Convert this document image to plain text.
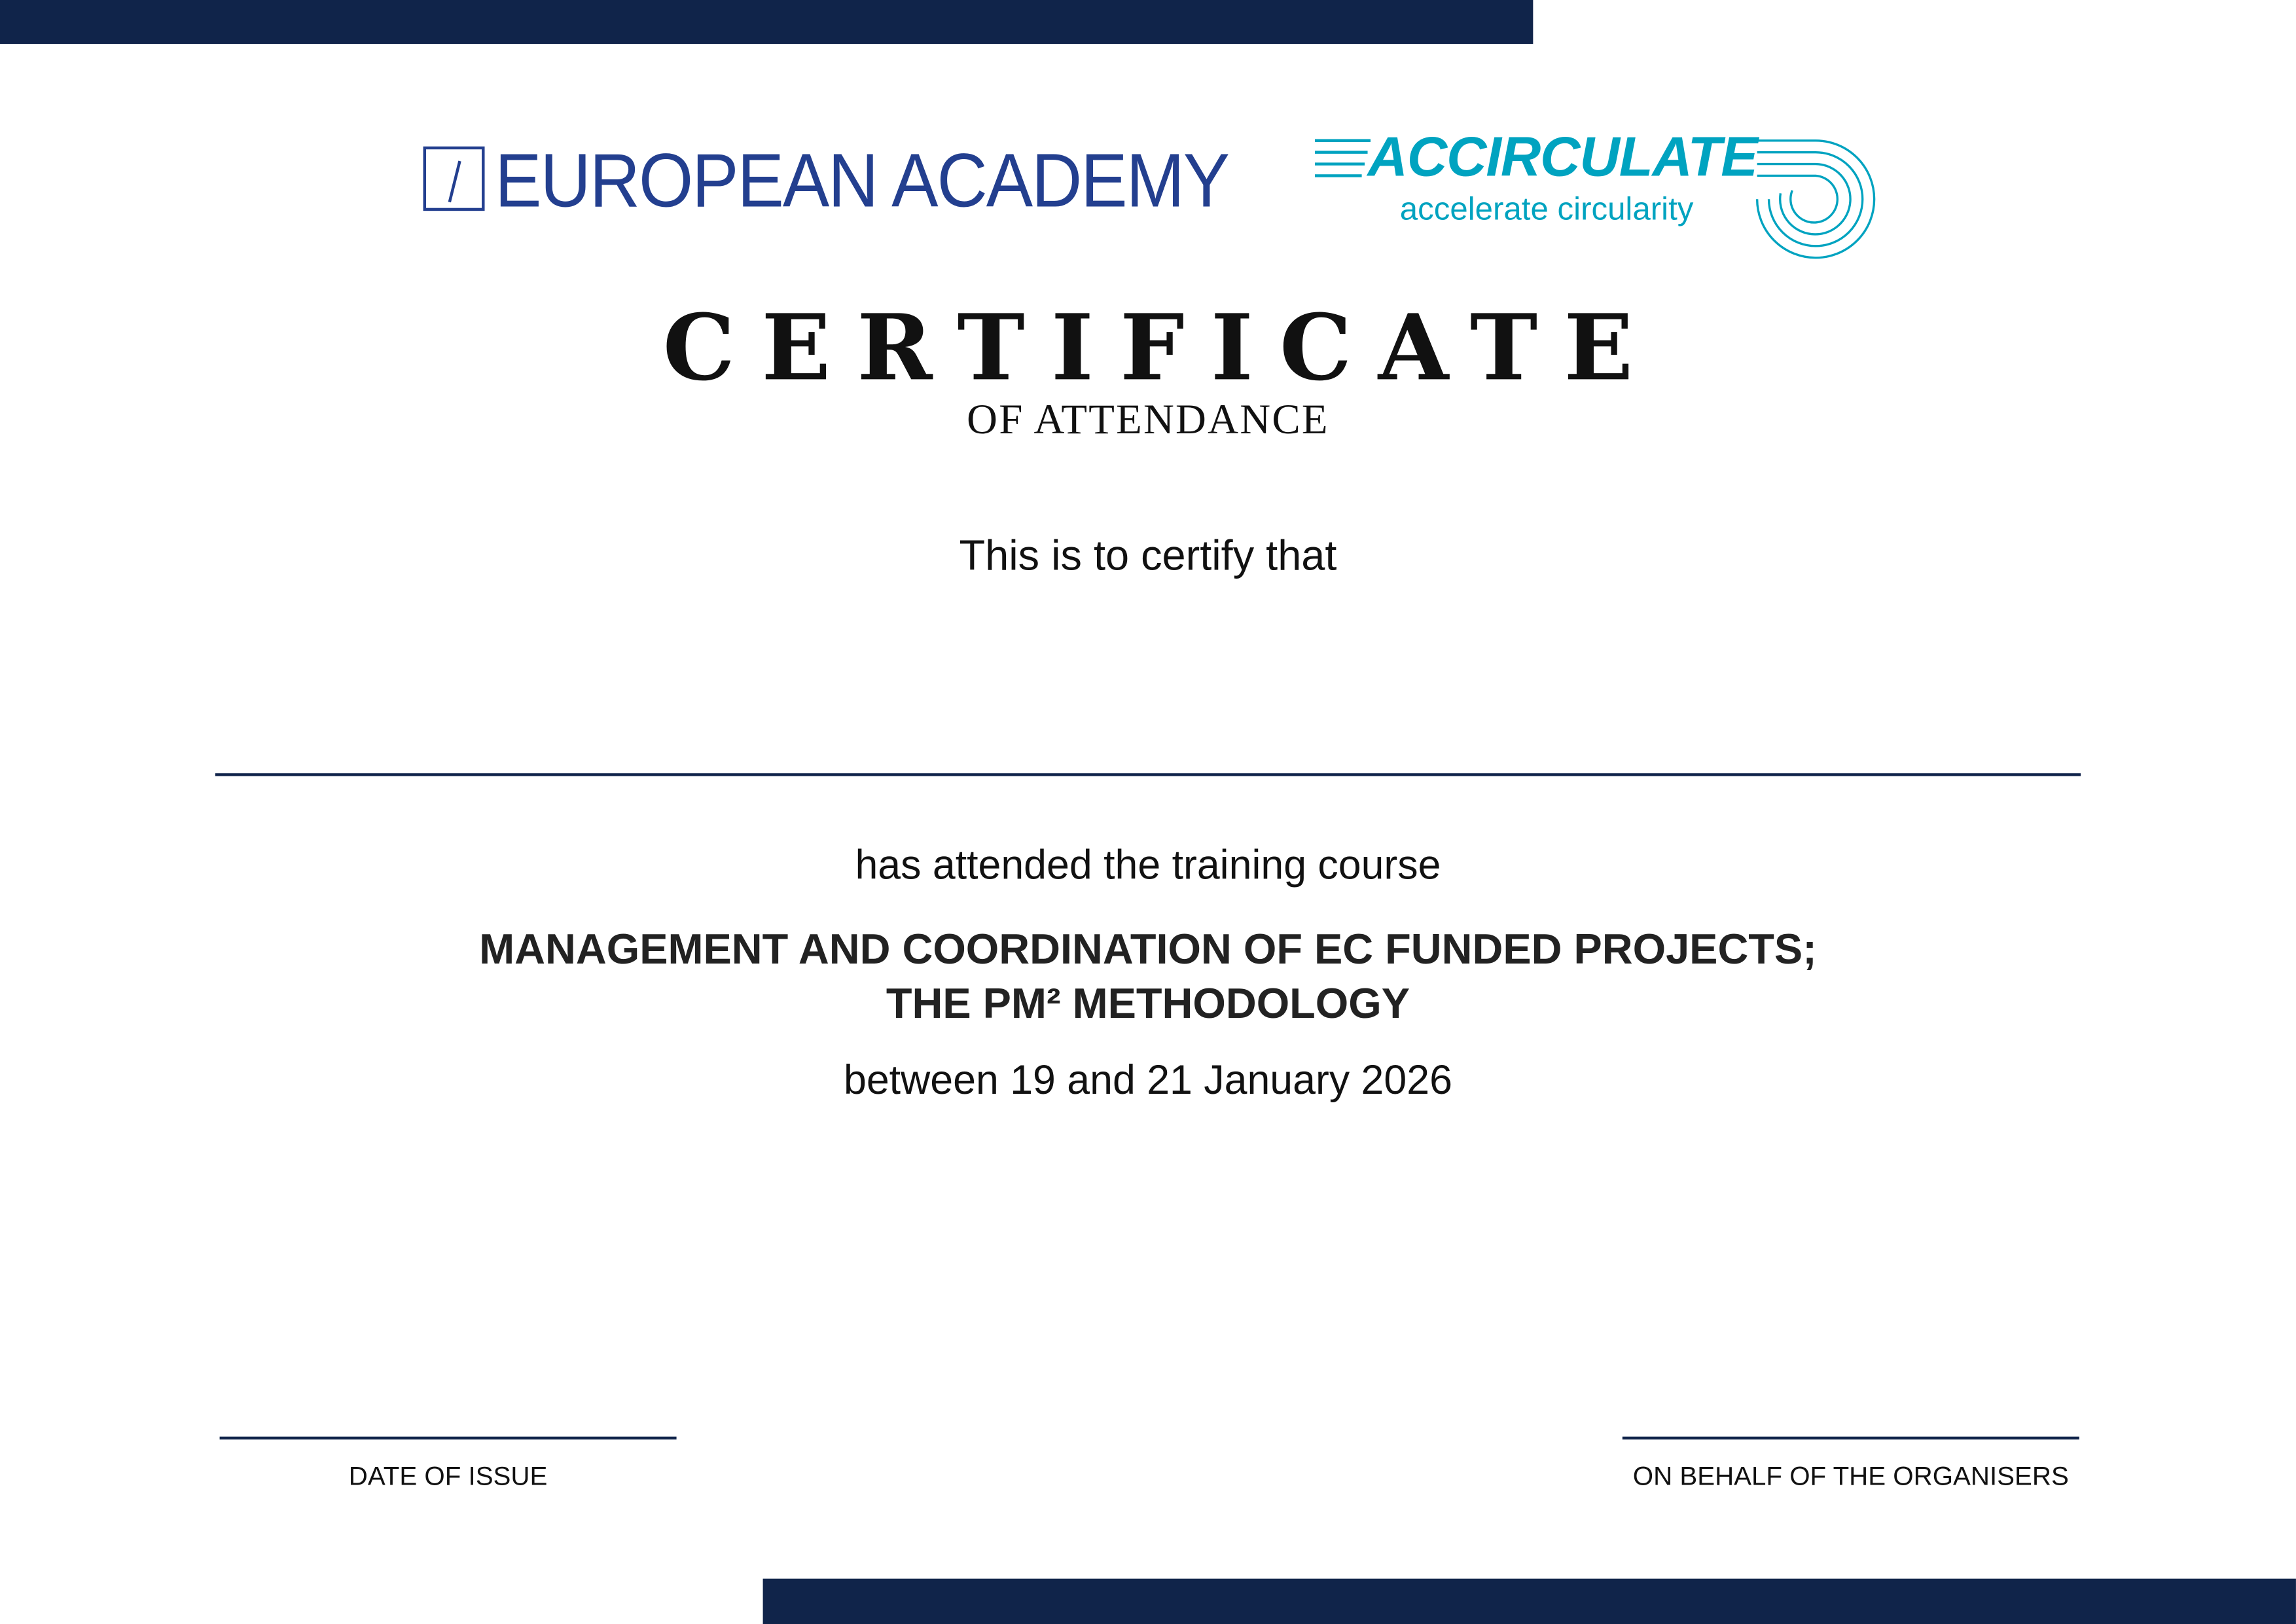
EUROPEAN ACADEMY	ACCIRCULATE
accelerate circularity
CERTIFICATE
OF ATTENDANCE
This is to certify that
has attended the training course
MANAGEMENT AND COORDINATION OF EC FUNDED PROJECTS;
THE PM² METHODOLOGY
between 19 and 21 January 2026
DATE OF ISSUE	ON BEHALF OF THE ORGANISERS
